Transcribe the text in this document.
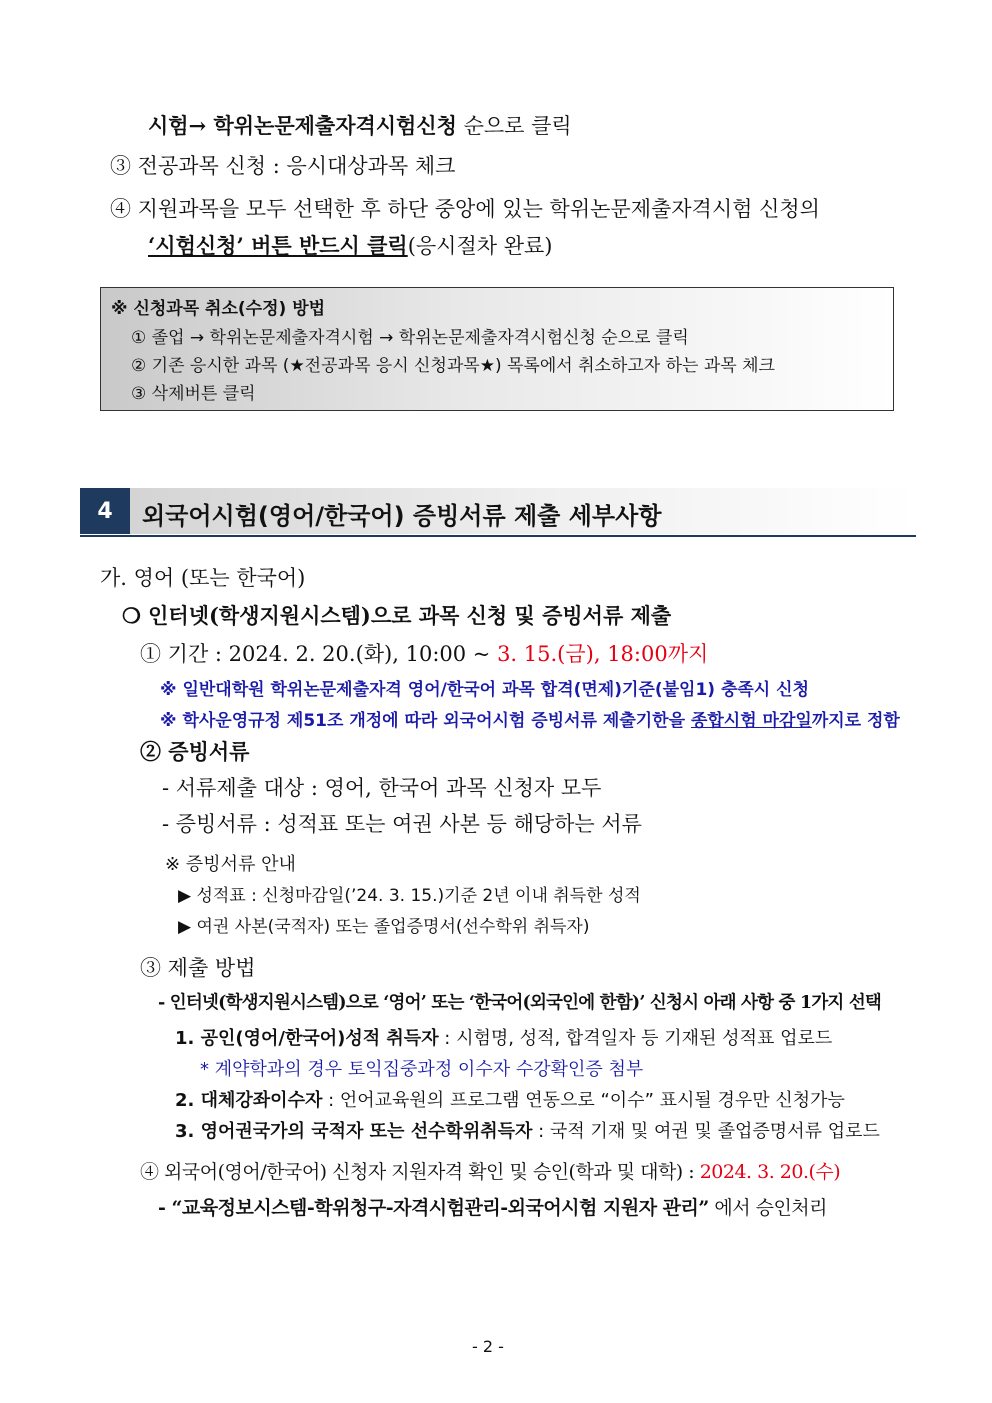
시험→ 학위논문제출자격시험신청 순으로 클릭
③ 전공과목 신청 : 응시대상과목 체크
④ 지원과목을 모두 선택한 후 하단 중앙에 있는 학위논문제출자격시험 신청의
‘시험신청’ 버튼 반드시 클릭(응시절차 완료)
※ 신청과목 취소(수정) 방법
① 졸업 → 학위논문제출자격시험 → 학위논문제출자격시험신청 순으로 클릭
② 기존 응시한 과목 (★전공과목 응시 신청과목★) 목록에서 취소하고자 하는 과목 체크
③ 삭제버튼 클릭
4	외국어시험(영어/한국어) 증빙서류 제출 세부사항
가. 영어 (또는 한국어)
❍ 인터넷(학생지원시스템)으로 과목 신청 및 증빙서류 제출
① 기간 : 2024. 2. 20.(화), 10:00 ~ 3. 15.(금), 18:00까지
※ 일반대학원 학위논문제출자격 영어/한국어 과목 합격(면제)기준(붙임1) 충족시 신청
※ 학사운영규정 제51조 개정에 따라 외국어시험 증빙서류 제출기한을 종합시험 마감일까지로 정함
② 증빙서류
- 서류제출 대상 : 영어, 한국어 과목 신청자 모두
- 증빙서류 : 성적표 또는 여권 사본 등 해당하는 서류
※ 증빙서류 안내
▶ 성적표 : 신청마감일(’24. 3. 15.)기준 2년 이내 취득한 성적
▶ 여권 사본(국적자) 또는 졸업증명서(선수학위 취득자)
③ 제출 방법
- 인터넷(학생지원시스템)으로 ‘영어’ 또는 ‘한국어(외국인에 한함)’ 신청시 아래 사항 중 1가지 선택
1. 공인(영어/한국어)성적 취득자 : 시험명, 성적, 합격일자 등 기재된 성적표 업로드
* 계약학과의 경우 토익집중과정 이수자 수강확인증 첨부
2. 대체강좌이수자 : 언어교육원의 프로그램 연동으로 “이수” 표시될 경우만 신청가능
3. 영어권국가의 국적자 또는 선수학위취득자 : 국적 기재 및 여권 및 졸업증명서류 업로드
④ 외국어(영어/한국어) 신청자 지원자격 확인 및 승인(학과 및 대학) : 2024. 3. 20.(수)
- “교육정보시스템-학위청구-자격시험관리-외국어시험 지원자 관리” 에서 승인처리
- 2 -
